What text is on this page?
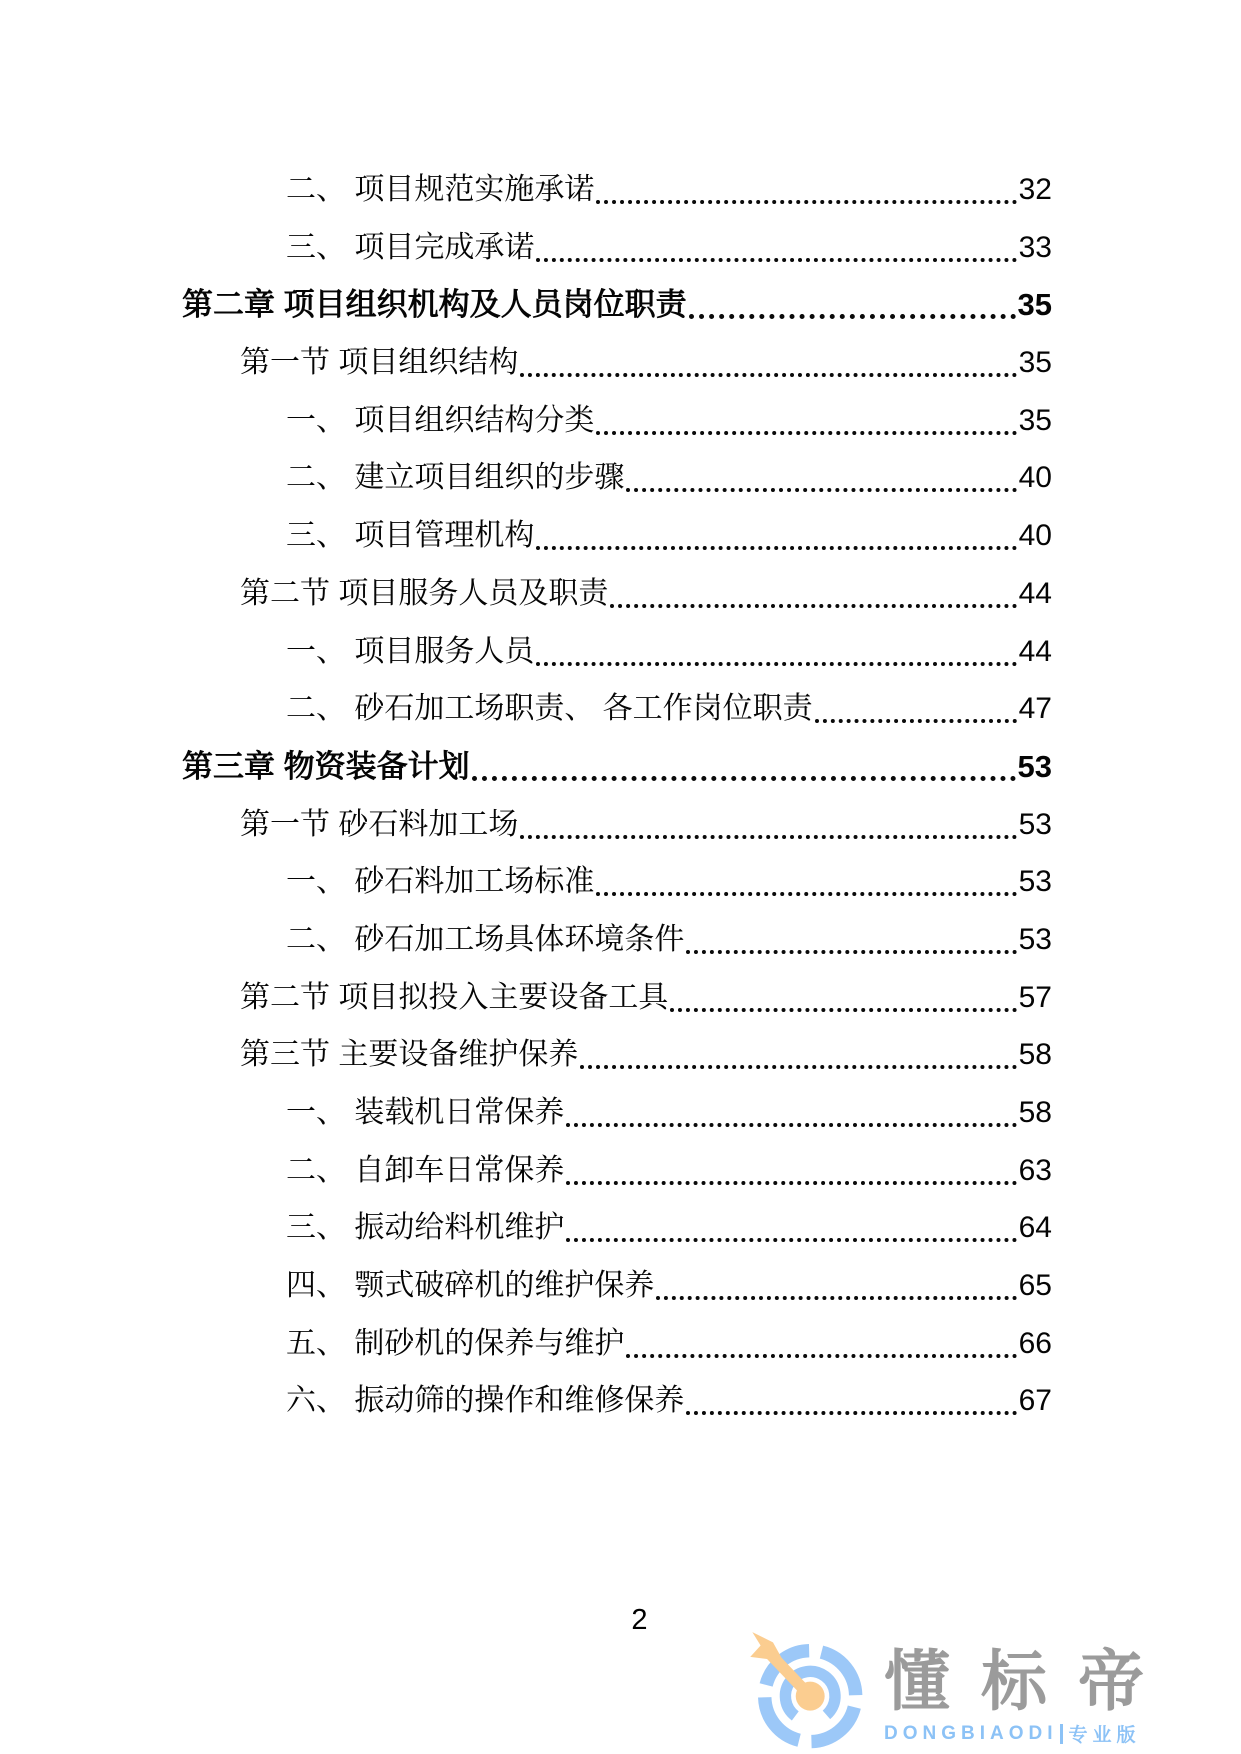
二、 项目规范实施承诺	32
三、 项目完成承诺	33
第二章 项目组织机构及人员岗位职责	35
第一节 项目组织结构	35
一、 项目组织结构分类	35
二、 建立项目组织的步骤	40
三、 项目管理机构	40
第二节 项目服务人员及职责	44
一、 项目服务人员	44
二、 砂石加工场职责、 各工作岗位职责	47
第三章 物资装备计划	53
第一节 砂石料加工场	53
一、 砂石料加工场标准	53
二、 砂石加工场具体环境条件	53
第二节 项目拟投入主要设备工具	57
第三节 主要设备维护保养	58
一、 装载机日常保养	58
二、 自卸车日常保养	63
三、 振动给料机维护	64
四、 颚式破碎机的维护保养	65
五、 制砂机的保养与维护	66
六、 振动筛的操作和维修保养	67
2
懂标帝
DONGBIAODI 专业版
